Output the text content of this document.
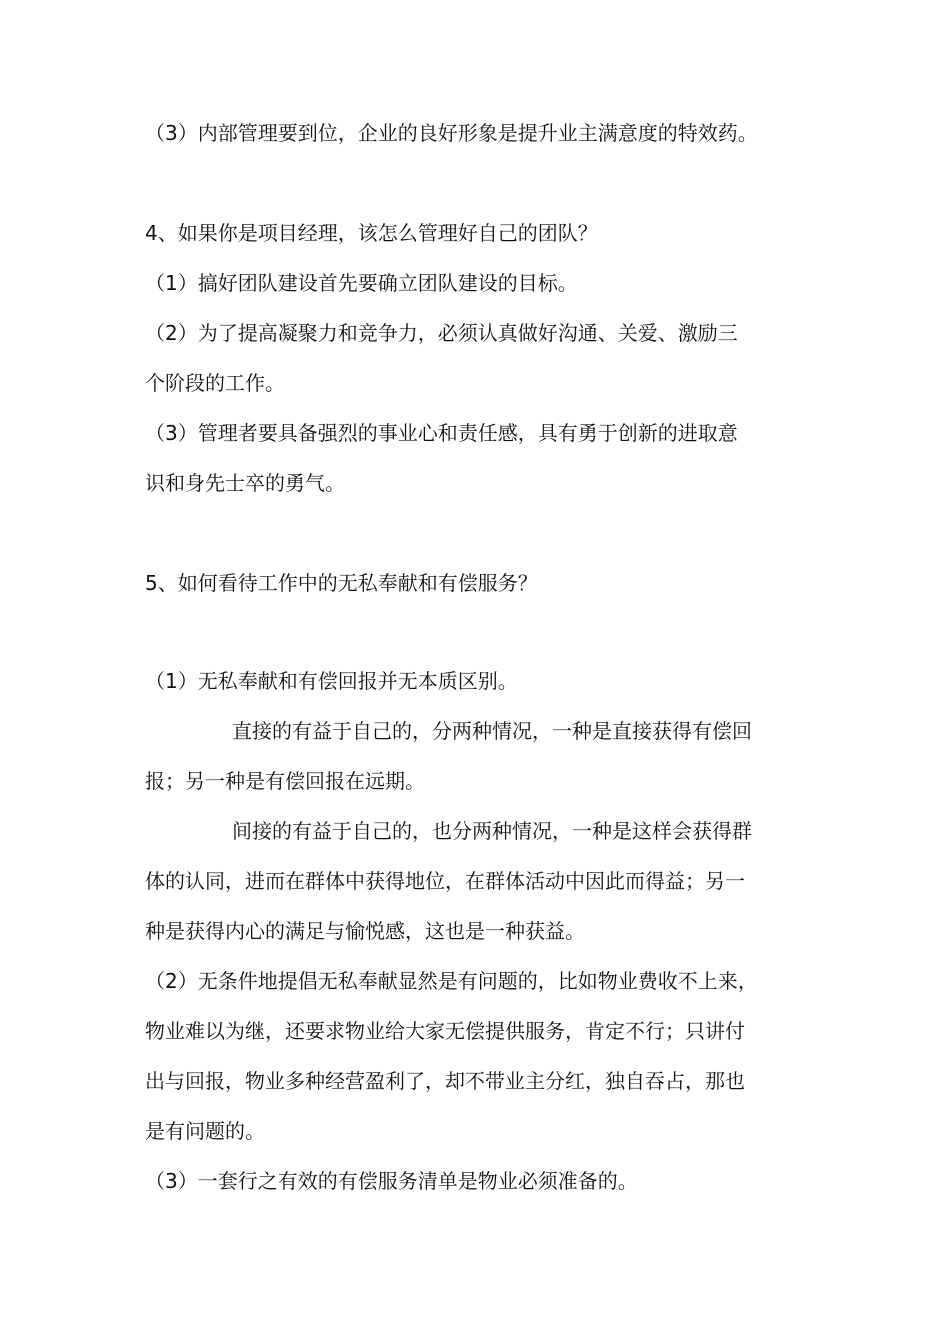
（3）内部管理要到位，企业的良好形象是提升业主满意度的特效药。
4、如果你是项目经理，该怎么管理好自己的团队？
（1）搞好团队建设首先要确立团队建设的目标。
（2）为了提高凝聚力和竞争力，必须认真做好沟通、关爱、激励三
个阶段的工作。
（3）管理者要具备强烈的事业心和责任感，具有勇于创新的进取意
识和身先士卒的勇气。
5、如何看待工作中的无私奉献和有偿服务？
（1）无私奉献和有偿回报并无本质区别。
直接的有益于自己的，分两种情况，一种是直接获得有偿回
报；另一种是有偿回报在远期。
间接的有益于自己的，也分两种情况，一种是这样会获得群
体的认同，进而在群体中获得地位，在群体活动中因此而得益；另一
种是获得内心的满足与愉悦感，这也是一种获益。
（2）无条件地提倡无私奉献显然是有问题的，比如物业费收不上来，
物业难以为继，还要求物业给大家无偿提供服务，肯定不行；只讲付
出与回报，物业多种经营盈利了，却不带业主分红，独自吞占，那也
是有问题的。
（3）一套行之有效的有偿服务清单是物业必须准备的。
